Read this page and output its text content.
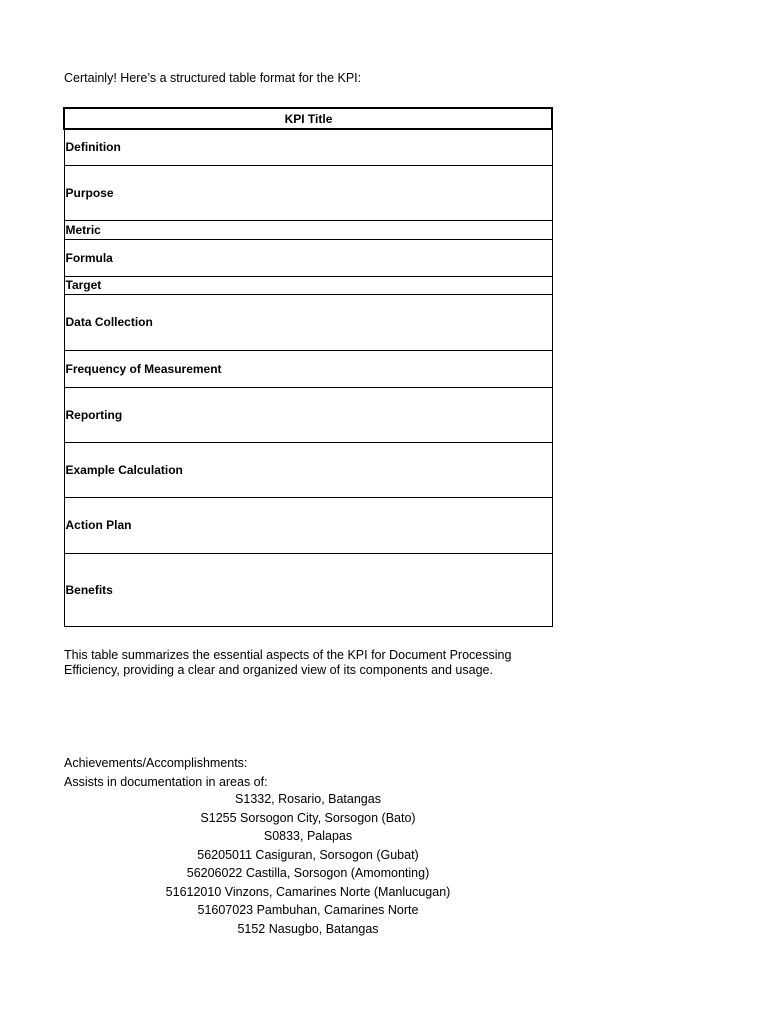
Certainly! Here’s a structured table format for the KPI:
KPI Title
Definition
Purpose
Metric
Formula
Target
Data Collection
Frequency of Measurement
Reporting
Example Calculation
Action Plan
Benefits
This table summarizes the essential aspects of the KPI for Document Processing Efficiency, providing a clear and organized view of its components and usage.
Achievements/Accomplishments:
Assists in documentation in areas of:
S1332, Rosario, Batangas
S1255 Sorsogon City, Sorsogon (Bato)
S0833, Palapas
56205011 Casiguran, Sorsogon (Gubat)
56206022 Castilla, Sorsogon (Amomonting)
51612010 Vinzons, Camarines Norte (Manlucugan)
51607023 Pambuhan, Camarines Norte
5152 Nasugbo, Batangas
